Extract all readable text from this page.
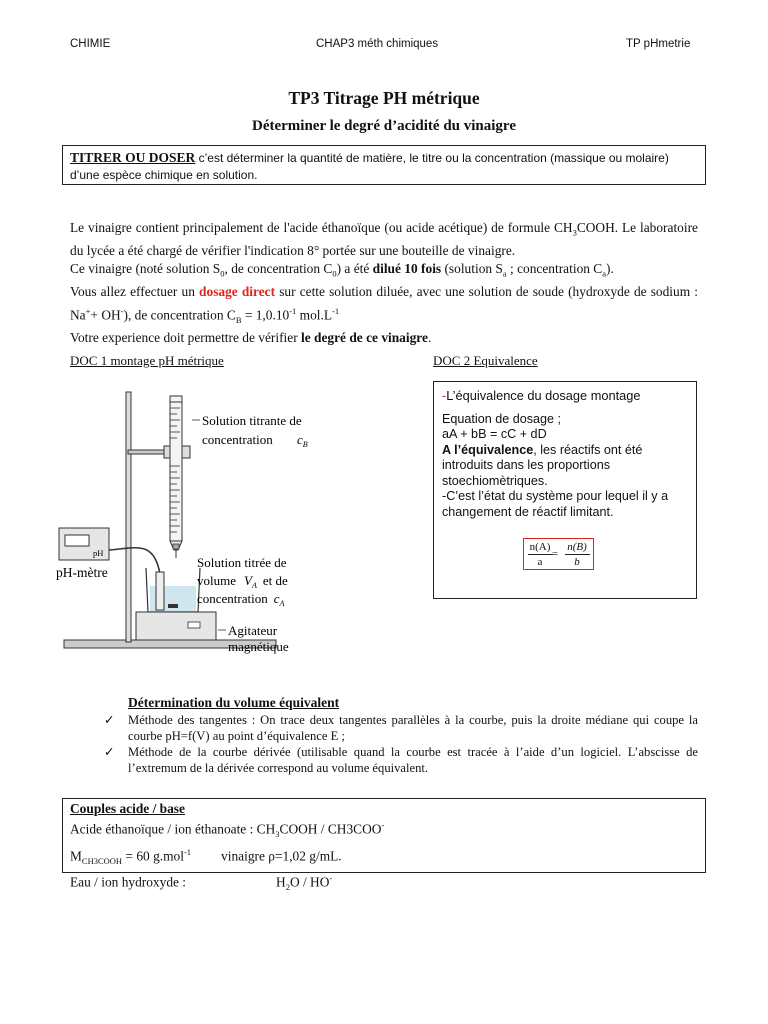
CHIMIE	CHAP3 méth chimiques	TP pHmetrie
TP3 Titrage PH métrique
Déterminer le degré d’acidité du vinaigre
TITRER OU DOSER c’est déterminer la quantité de matière, le titre ou la concentration (massique ou molaire) d’une espèce chimique en solution.

Le vinaigre contient principalement de l'acide éthanoïque (ou acide acétique) de formule $CH_3COOH$. Le laboratoire du lycée a été chargé de vérifier l'indication 8° portée sur une bouteille de vinaigre.

Ce vinaigre (noté solution $S_0$, de concentration $C_0$) a été dilué 10 fois (solution $S_a$ ; concentration $C_a$).

Vous allez effectuer un dosage direct sur cette solution diluée, avec une solution de soude (hydroxyde de sodium : Na++ OH-), de concentration $C_B = 1,0.10^{-1}$ $mol.L^{-1}$

Votre experience doit permettre de vérifier le degré de ce vinaigre.

DOC 1 montage pH métrique	DOC 2 Equivalence
pH
Solution titrante de
concentration $c_B$
pH-mètre
Solution titrée de
volume $V_A$ et de
concentration $c_A$
Agitateur
magnétique
-L’équivalence du dosage montage

Equation de dosage ;

aA + bB = cC + dD

A l’équivalence, les réactifs ont été introduits dans les proportions stoechiomètriques.

-C’est l’état du système pour lequel il y a changement de réactif limitant.

n(A) n(B)
=
a	b
Détermination du volume équivalent
✓ Méthode des tangentes : On trace deux tangentes parallèles à la courbe, puis la droite médiane qui coupe la courbe pH=f(V) au point d’équivalence E ;
✓ Méthode de la courbe dérivée (utilisable quand la courbe est tracée à l’aide d’un logiciel. L’abscisse de l’extremum de la dérivée correspond au volume équivalent.
Couples acide / base
Acide éthanoïque / ion éthanoate : $CH_3COOH / CH3COO^-$
$M_{CH3COOH} = 60$ g.mol$^{-1}$ vinaigre ρ=1,02 g/mL.
Eau / ion hydroxyde :	$H_2O / HO^-$
